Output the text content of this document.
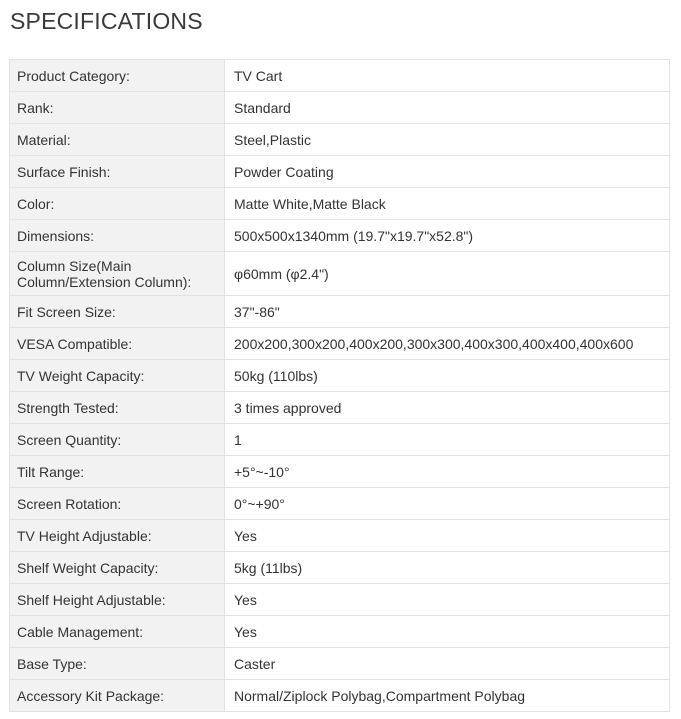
SPECIFICATIONS
Product Category:	TV Cart
Rank:	Standard
Material:	Steel,Plastic
Surface Finish:	Powder Coating
Color:	Matte White,Matte Black
Dimensions:	500x500x1340mm (19.7"x19.7"x52.8")
Column Size(Main Column/Extension Column):	φ60mm (φ2.4")
Fit Screen Size:	37"-86"
VESA Compatible:	200x200,300x200,400x200,300x300,400x300,400x400,400x600
TV Weight Capacity:	50kg (110lbs)
Strength Tested:	3 times approved
Screen Quantity:	1
Tilt Range:	+5°~-10°
Screen Rotation:	0°~+90°
TV Height Adjustable:	Yes
Shelf Weight Capacity:	5kg (11lbs)
Shelf Height Adjustable:	Yes
Cable Management:	Yes
Base Type:	Caster
Accessory Kit Package:	Normal/Ziplock Polybag,Compartment Polybag
